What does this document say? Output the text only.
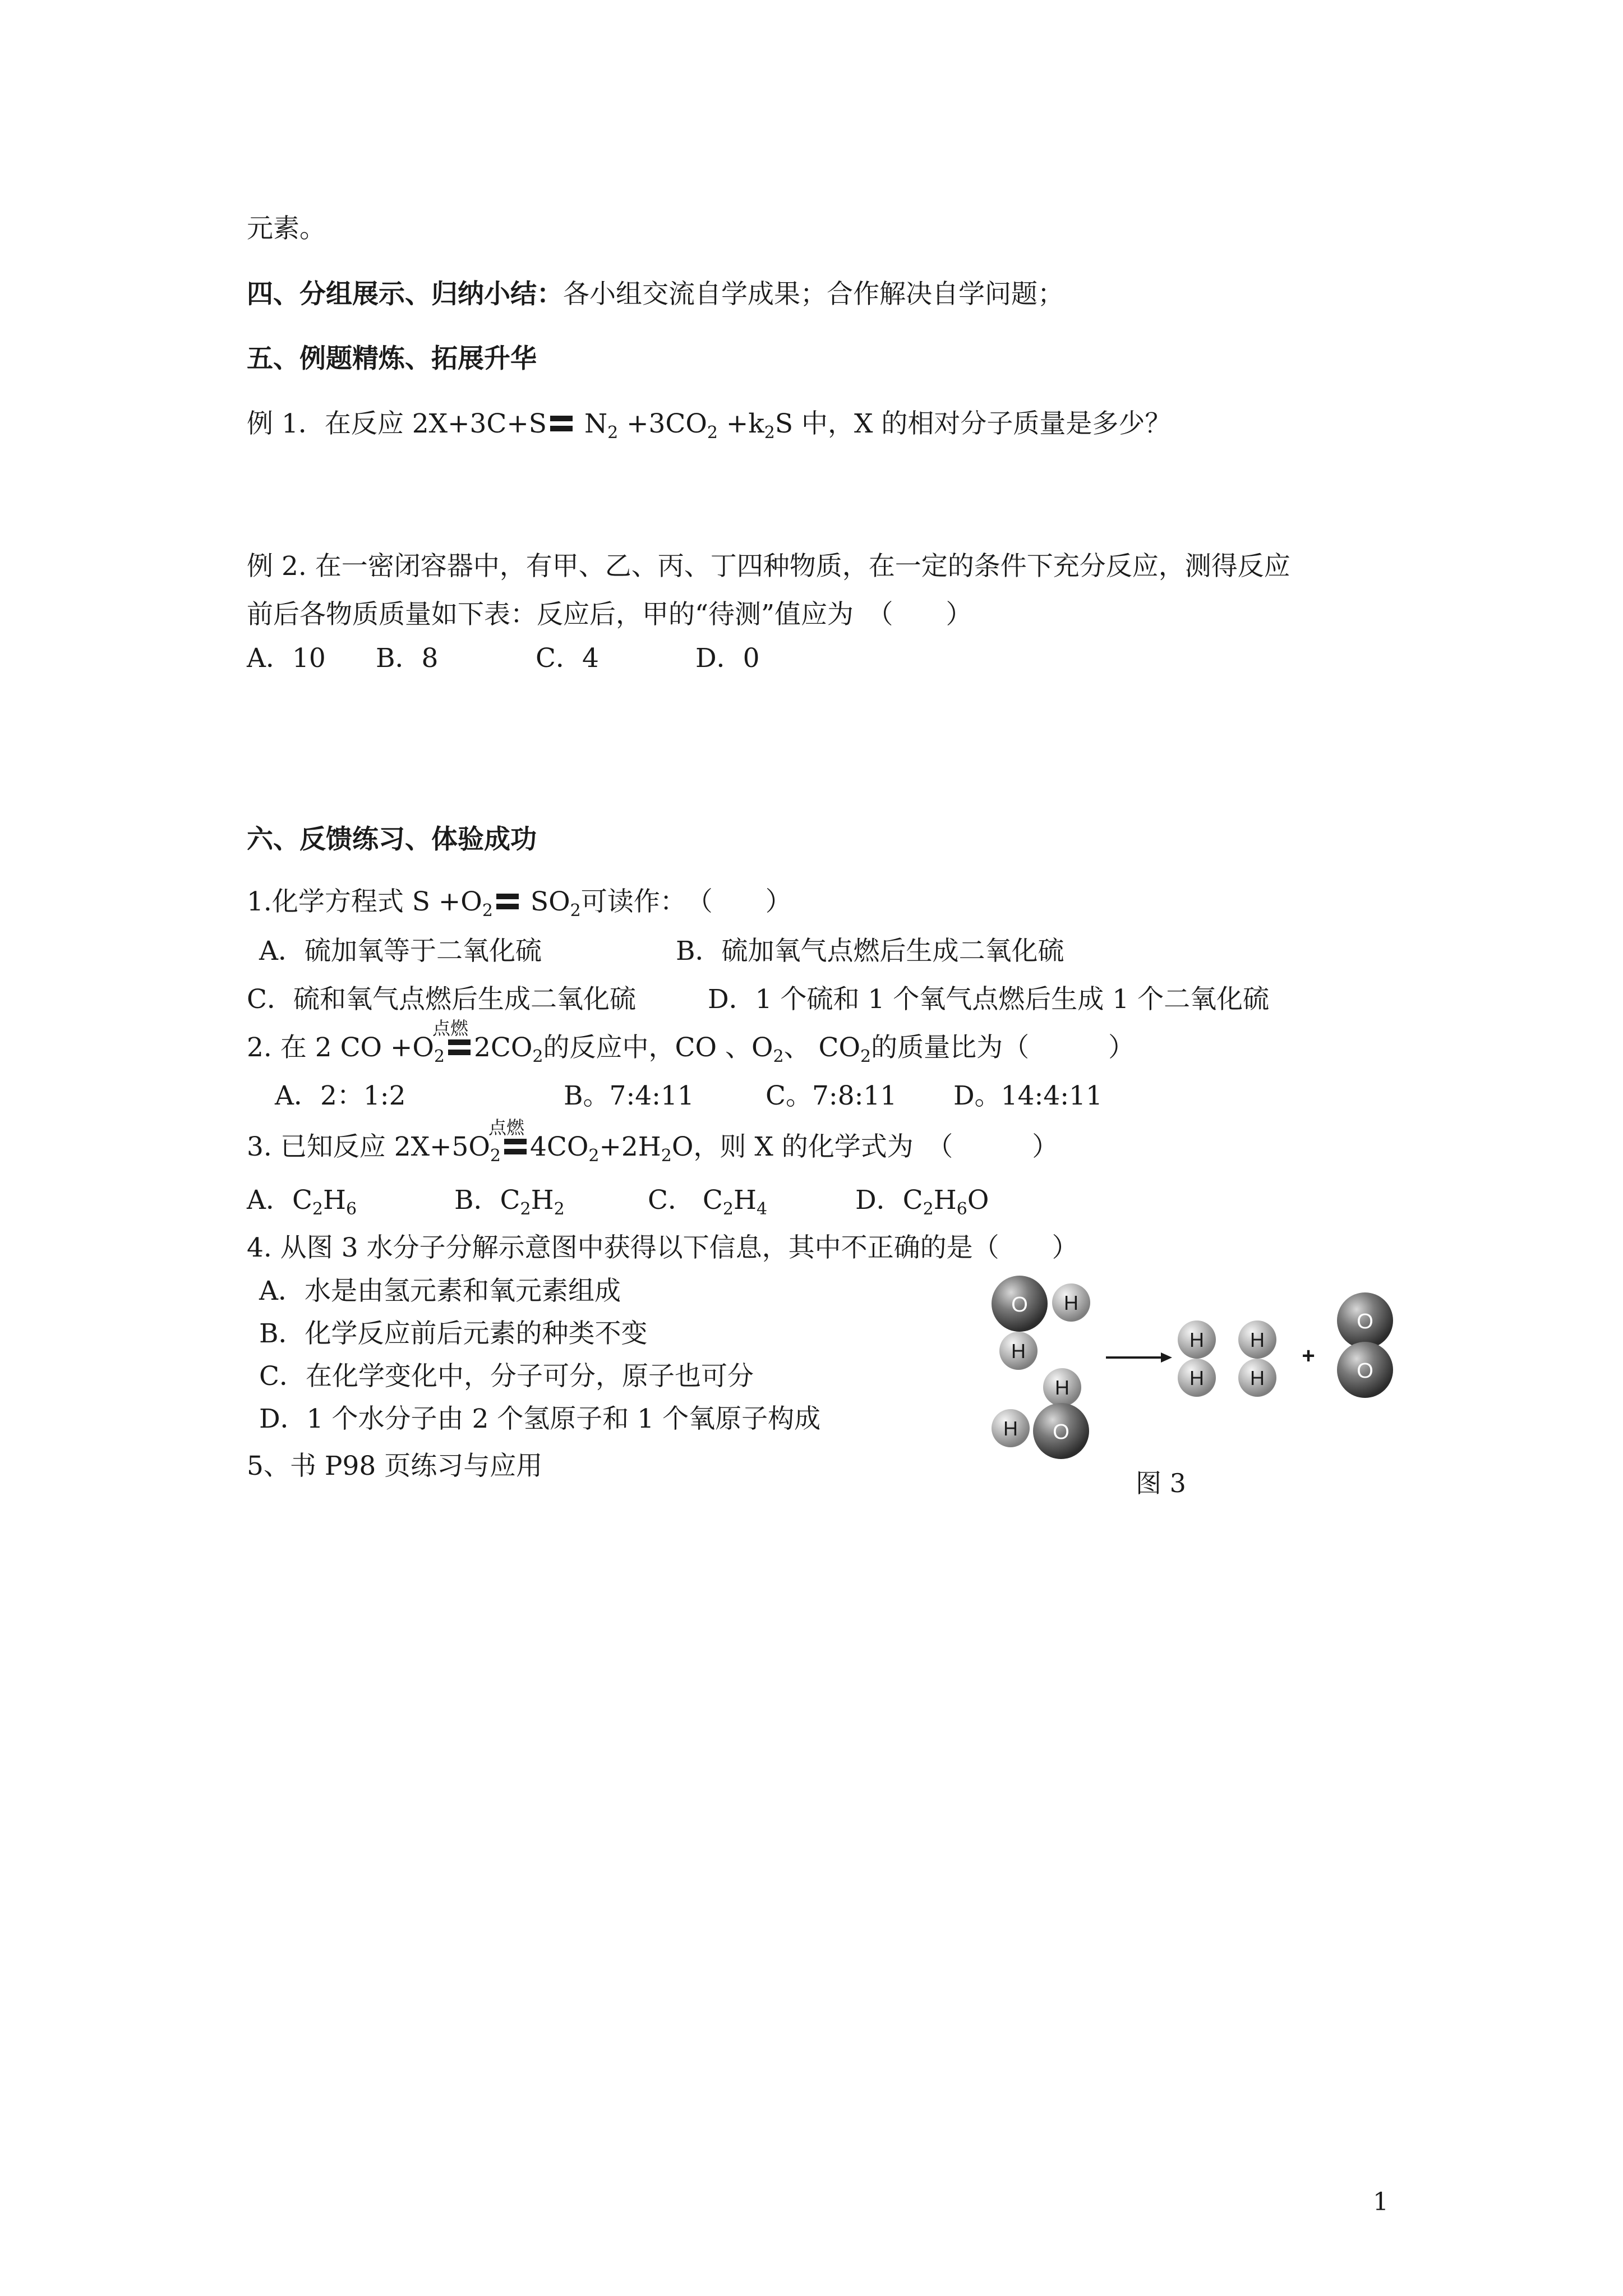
元素。
四、分组展示、归纳小结：各小组交流自学成果；合作解决自学问题；
五、例题精炼、拓展升华
例 1．在反应 2X+3C+S $N_2 +3CO_2 +k_2S$ 中，X 的相对分子质量是多少？
例 2. 在一密闭容器中，有甲、乙、丙、丁四种物质，在一定的条件下充分反应，测得反应
前后各物质质量如下表：反应后，甲的“待测”值应为　（　　）
A．10 B．8	C．4	D．0
六、反馈练习、体验成功
1.化学方程式 $S +O_2$ $SO_2$可读作：　（　　）
A．硫加氧等于二氧化硫	B．硫加氧气点燃后生成二氧化硫
C．硫和氧气点燃后生成二氧化硫	D．1 个硫和 1 个氧气点燃后生成 1 个二氧化硫
2. 在 2 CO $+O_2$
点燃
$2CO_2$的反应中，CO 、$O_2$、 $CO_2$的质量比为（　　　）
A．2：1:2	B。7:4:11	C。7:8:11 D。14:4:11
3. 已知反应 $2X+5O_2$
点燃
$4CO_2+2H_2O$，则 X 的化学式为　（　　　）
A．$C_2H_6$	B．$C_2H_2$	C． $C_2H_4$	D．$C_2H_6O$
4. 从图 3 水分子分解示意图中获得以下信息，其中不正确的是（　　）
A．水是由氢元素和氧元素组成
B．化学反应前后元素的种类不变
C．在化学变化中，分子可分，原子也可分
D．1 个水分子由 2 个氢原子和 1 个氧原子构成
5、书 P98 页练习与应用
O H
H
H
H O
H
H
H
H
+
O
O
图 3
1
